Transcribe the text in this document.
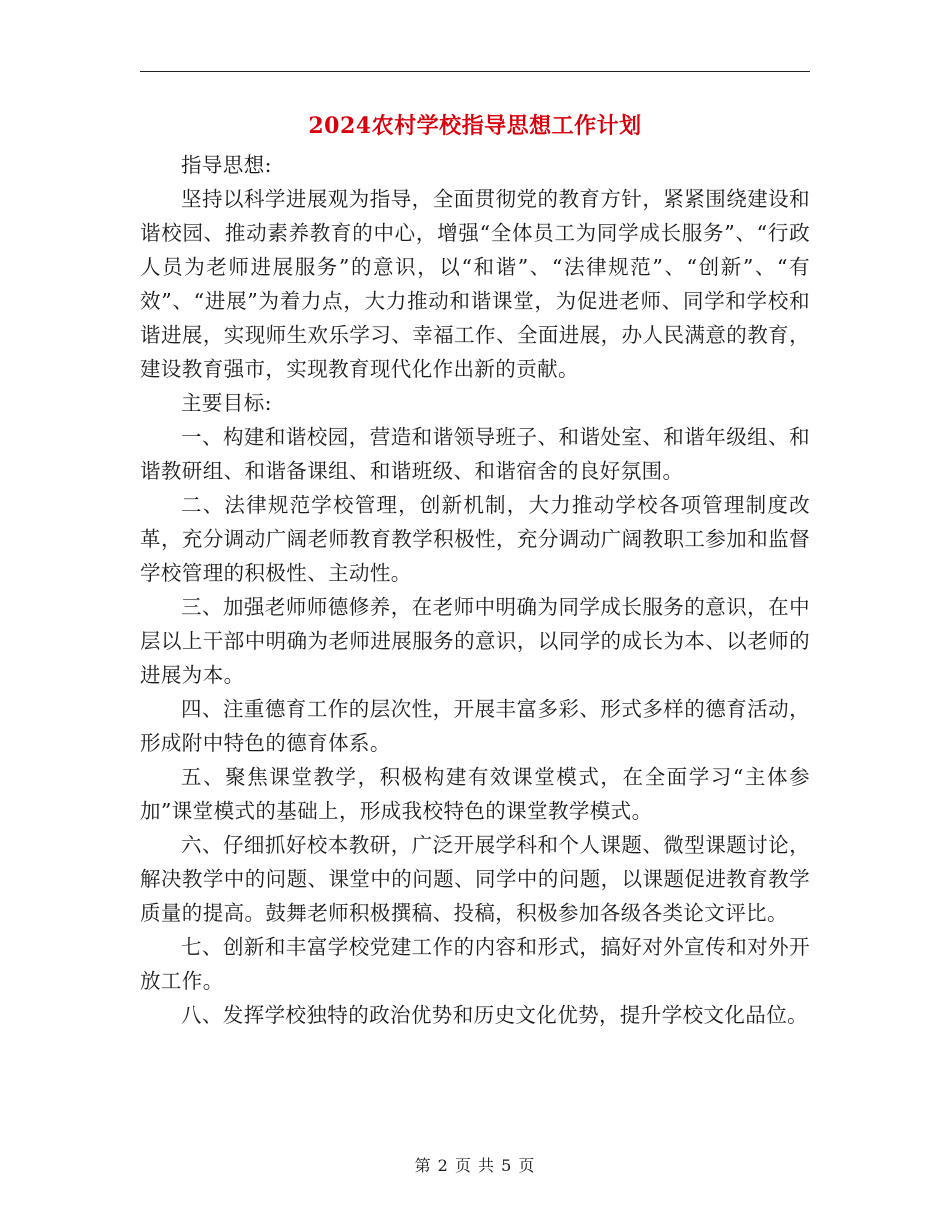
2024农村学校指导思想工作计划

指导思想:

坚持以科学进展观为指导，全面贯彻党的教育方针，紧紧围绕建设和谐校园、推动素养教育的中心，增强“全体员工为同学成长服务”、“行政人员为老师进展服务”的意识，以“和谐”、“法律规范”、“创新”、“有效”、“进展”为着力点，大力推动和谐课堂，为促进老师、同学和学校和谐进展，实现师生欢乐学习、幸福工作、全面进展，办人民满意的教育，建设教育强市，实现教育现代化作出新的贡献。

主要目标:

一、构建和谐校园，营造和谐领导班子、和谐处室、和谐年级组、和谐教研组、和谐备课组、和谐班级、和谐宿舍的良好氛围。

二、法律规范学校管理，创新机制，大力推动学校各项管理制度改革，充分调动广阔老师教育教学积极性，充分调动广阔教职工参加和监督学校管理的积极性、主动性。

三、加强老师师德修养，在老师中明确为同学成长服务的意识，在中层以上干部中明确为老师进展服务的意识，以同学的成长为本、以老师的进展为本。

四、注重德育工作的层次性，开展丰富多彩、形式多样的德育活动，形成附中特色的德育体系。

五、聚焦课堂教学，积极构建有效课堂模式，在全面学习“主体参加”课堂模式的基础上，形成我校特色的课堂教学模式。

六、仔细抓好校本教研，广泛开展学科和个人课题、微型课题讨论，解决教学中的问题、课堂中的问题、同学中的问题，以课题促进教育教学质量的提高。鼓舞老师积极撰稿、投稿，积极参加各级各类论文评比。

七、创新和丰富学校党建工作的内容和形式，搞好对外宣传和对外开放工作。

八、发挥学校独特的政治优势和历史文化优势，提升学校文化品位。

第 2 页 共 5 页
